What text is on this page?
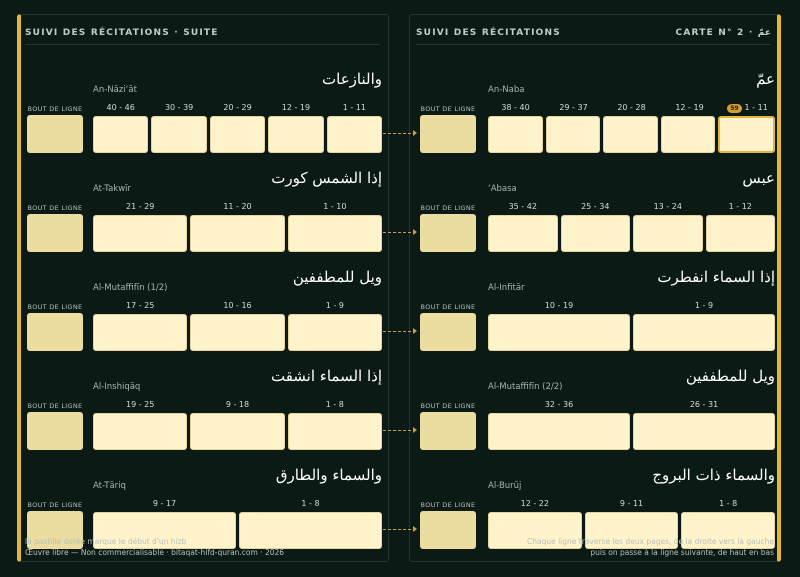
SUIVI DES RÉCITATIONS · SUITE
BOUT DE LIGNE
An-Nāzi‘āt
والنازعات
40 - 46	30 - 39	20 - 29	12 - 19	1 - 11
BOUT DE LIGNE
At-Takwīr
إذا الشمس كورت
21 - 29	11 - 20	1 - 10
BOUT DE LIGNE
Al-Mutaffifīn (1/2)
ويل للمطففين
17 - 25	10 - 16	1 - 9
BOUT DE LIGNE
Al-Inshiqāq
إذا السماء انشقت
19 - 25	9 - 18	1 - 8
BOUT DE LIGNE
At-Tāriq
والسماء والطارق
9 - 17	1 - 8
SUIVI DES RÉCITATIONS	CARTE N° 2 · عمّ
BOUT DE LIGNE
An-Naba
عمّ
38 - 40	29 - 37	20 - 28	12 - 19	59 1 - 11
BOUT DE LIGNE
‘Abasa
عبس
35 - 42	25 - 34	13 - 24	1 - 12
BOUT DE LIGNE
Al-Infitār
إذا السماء انفطرت
10 - 19	1 - 9
BOUT DE LIGNE
Al-Mutaffifīn (2/2)
ويل للمطففين
32 - 36	26 - 31
BOUT DE LIGNE
Al-Burūj
والسماء ذات البروج
12 - 22	9 - 11	1 - 8
la pastille dorée marque le début d'un hizb
Œuvre libre — Non commercialisable · bitaqat-hifd-quran.com · 2026
Chaque ligne traverse les deux pages, de la droite vers la gauche
puis on passe à la ligne suivante, de haut en bas
